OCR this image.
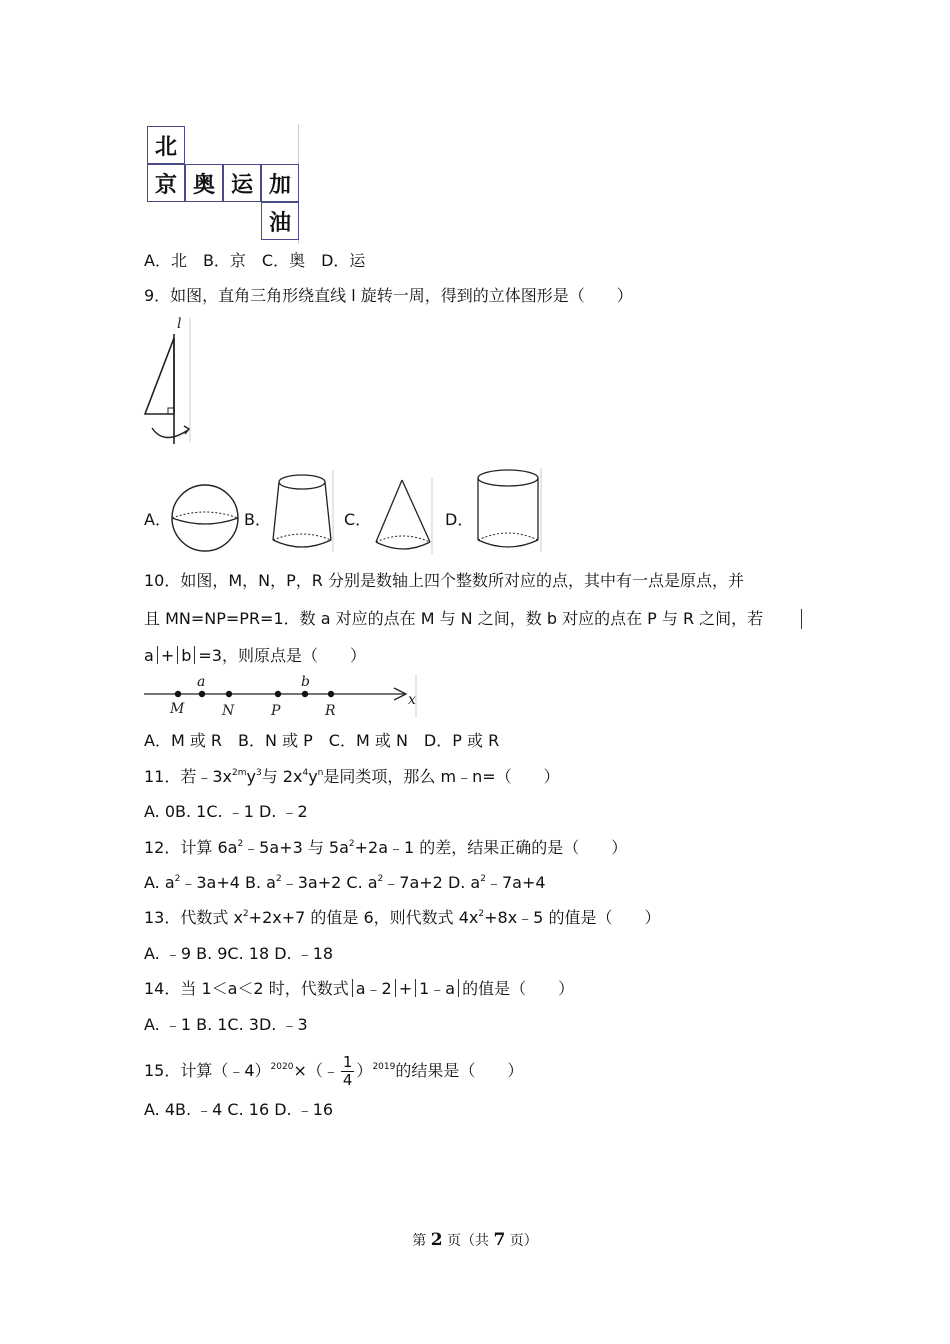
北
京 奥 运 加
油
A．北　B．京　C．奥　D．运
9．如图，直角三角形绕直线 l 旋转一周，得到的立体图形是（　　）
l
A．	B．	C．	D．
10．如图，M，N，P，R 分别是数轴上四个整数所对应的点，其中有一点是原点，并
且 MN=NP=PR=1．数 a 对应的点在 M 与 N 之间，数 b 对应的点在 P 与 R 之间，若
a + b =3，则原点是（　　）
M	N	P	R
a	b
x
A．M 或 R　B．N 或 P　C．M 或 N　D．P 或 R
11．若$﹣3x^{2m}y^3$与 $2x^4y^n$是同类项，那么 m﹣n=（　　）
A. 0B. 1C. ﹣1 D. ﹣2
12．计算 $6a^2﹣5a+3$ 与 $5a^2+2a﹣1$ 的差，结果正确的是（　　）
A. $a^2﹣3a+4$ B. $a^2﹣3a+2$ C. $a^2﹣7a+2$ D. $a^2﹣7a+4$
13．代数式 $x^2+2x+7$ 的值是 6，则代数式 $4x^2+8x﹣5$ 的值是（　　）
A. ﹣9 B. 9C. 18 D. ﹣18
14．当 1＜a＜2 时，代数式 a﹣2 + 1﹣a 的值是（　　）
A. ﹣1 B. 1C. 3D. ﹣3
15．计算（﹣4）$^{2020}$×（﹣ $\frac{1}{4} )^{2019}$的结果是（　　）
A. 4B. ﹣4 C. 16 D. ﹣16
第 2 页（共 7 页）
